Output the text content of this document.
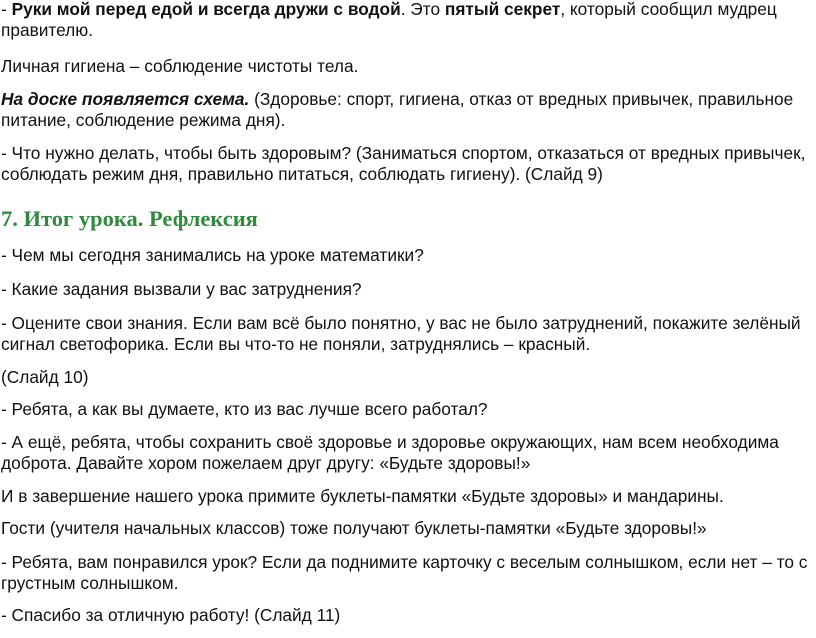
- Руки мой перед едой и всегда дружи с водой. Это пятый секрет, который сообщил мудрец правителю.

Личная гигиена – соблюдение чистоты тела.

На доске появляется схема. (Здоровье: спорт, гигиена, отказ от вредных привычек, правильное питание, соблюдение режима дня).

- Что нужно делать, чтобы быть здоровым? (Заниматься спортом, отказаться от вредных привычек, соблюдать режим дня, правильно питаться, соблюдать гигиену). (Слайд 9)

7. Итог урока. Рефлексия

- Чем мы сегодня занимались на уроке математики?

- Какие задания вызвали у вас затруднения?

- Оцените свои знания. Если вам всё было понятно, у вас не было затруднений, покажите зелёный сигнал светофорика. Если вы что-то не поняли, затруднялись – красный.

(Слайд 10)

- Ребята, а как вы думаете, кто из вас лучше всего работал?

- А ещё, ребята, чтобы сохранить своё здоровье и здоровье окружающих, нам всем необходима доброта. Давайте хором пожелаем друг другу: «Будьте здоровы!»

И в завершение нашего урока примите буклеты-памятки «Будьте здоровы» и мандарины.

Гости (учителя начальных классов) тоже получают буклеты-памятки «Будьте здоровы!»

- Ребята, вам понравился урок? Если да поднимите карточку с веселым солнышком, если нет – то с грустным солнышком.

- Спасибо за отличную работу! (Слайд 11)
